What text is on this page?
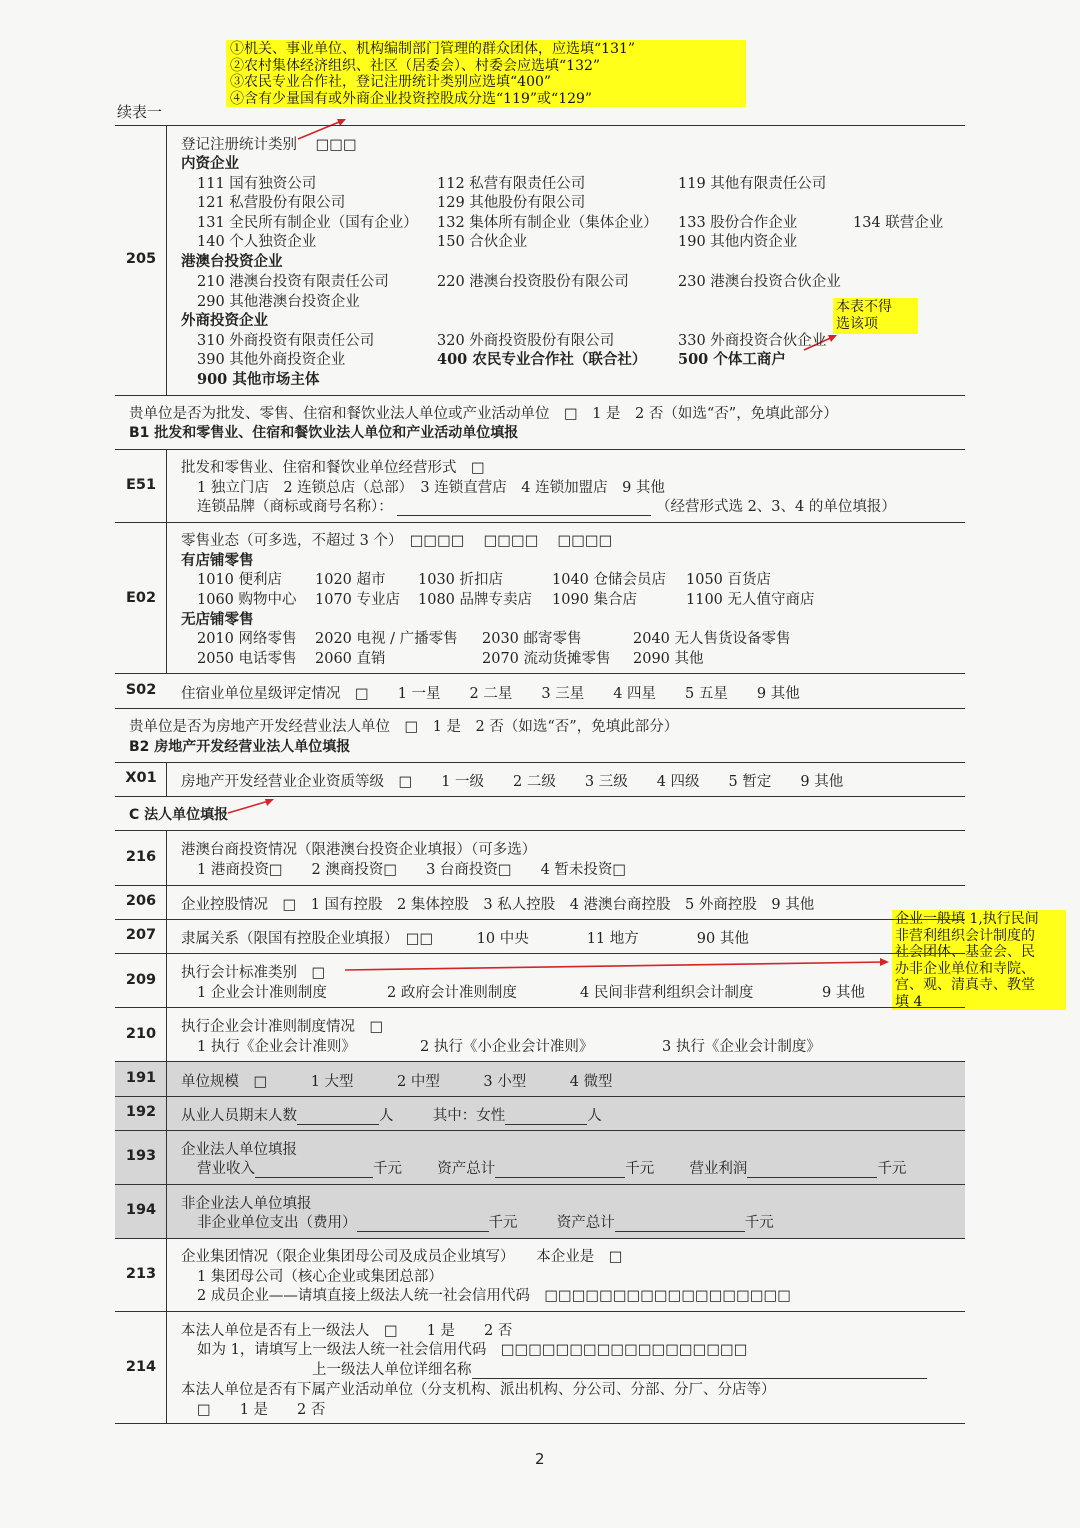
①机关、事业单位、机构编制部门管理的群众团体，应选填“131”
②农村集体经济组织、社区（居委会）、村委会应选填“132”
③农民专业合作社，登记注册统计类别应选填“400”
④含有少量国有或外商企业投资控股成分选“119”或“129”
本表不得
选该项
企业一般填 1,执行民间
非营利组织会计制度的
社会团体、基金会、民
办非企业单位和寺院、
宫、观、清真寺、教堂
填 4
续表一
205
登记注册统计类别 □□□
内资企业
111 国有独资公司	112 私营有限责任公司	119 其他有限责任公司
121 私营股份有限公司	129 其他股份有限公司
131 全民所有制企业（国有企业） 132 集体所有制企业（集体企业） 133 股份合作企业	134 联营企业
140 个人独资企业	150 合伙企业	190 其他内资企业
港澳台投资企业
210 港澳台投资有限责任公司	220 港澳台投资股份有限公司	230 港澳台投资合伙企业
290 其他港澳台投资企业
外商投资企业
310 外商投资有限责任公司	320 外商投资股份有限公司	330 外商投资合伙企业
390 其他外商投资企业	400 农民专业合作社（联合社） 500 个体工商户
900 其他市场主体
贵单位是否为批发、零售、住宿和餐饮业法人单位或产业活动单位　□　1 是　2 否（如选“否”，免填此部分）
B1 批发和零售业、住宿和餐饮业法人单位和产业活动单位填报
E51
批发和零售业、住宿和餐饮业单位经营形式　□
1 独立门店　2 连锁总店（总部）　3 连锁直营店　4 连锁加盟店　9 其他
连锁品牌（商标或商号名称）：	（经营形式选 2、3、4 的单位填报）
E02
零售业态（可多选，不超过 3 个）　□□□□　 □□□□　 □□□□
有店铺零售
1010 便利店 1020 超市 1030 折扣店	1040 仓储会员店 1050 百货店
1060 购物中心 1070 专业店 1080 品牌专卖店 1090 集合店	1100 无人值守商店
无店铺零售
2010 网络零售 2020 电视 / 广播零售 2030 邮寄零售	2040 无人售货设备零售
2050 电话零售 2060 直销	2070 流动货摊零售 2090 其他
S02	住宿业单位星级评定情况　□　　1 一星　　2 二星　　3 三星　　4 四星　　5 五星　　9 其他
贵单位是否为房地产开发经营业法人单位　□　1 是　2 否（如选“否”，免填此部分）
B2 房地产开发经营业法人单位填报
X01	房地产开发经营业企业资质等级　□　　1 一级　　2 二级　　3 三级　　4 四级　　5 暂定　　9 其他
C 法人单位填报
216	港澳台商投资情况（限港澳台投资企业填报）（可多选）
1 港商投资□　　2 澳商投资□　　3 台商投资□　　4 暂未投资□
206	企业控股情况　□　1 国有控股　2 集体控股　3 私人控股　4 港澳台商控股　5 外商控股　9 其他
207	隶属关系（限国有控股企业填报）　□□　　　10 中央　　　　11 地方　　　　90 其他
209	执行会计标准类别　□
1 企业会计准则制度	2 政府会计准则制度	4 民间非营利组织会计制度	9 其他
210	执行企业会计准则制度情况　□
1 执行《企业会计准则》	2 执行《小企业会计准则》	3 执行《企业会计制度》
191	单位规模　□　　　1 大型　　　2 中型　　　3 小型　　　4 微型
192	从业人员期末人数	人	其中：女性	人
193	企业法人单位填报
营业收入	千元 资产总计	千元 营业利润	千元
194	非企业法人单位填报
非企业单位支出（费用）	千元	资产总计	千元
213
企业集团情况（限企业集团母公司及成员企业填写）　　本企业是　□
1 集团母公司（核心企业或集团总部）
2 成员企业——请填直接上级法人统一社会信用代码　□□□□□□□□□□□□□□□□□□
214
本法人单位是否有上一级法人　□　　1 是　　2 否
如为 1，请填写上一级法人统一社会信用代码　□□□□□□□□□□□□□□□□□□
上一级法人单位详细名称
本法人单位是否有下属产业活动单位（分支机构、派出机构、分公司、分部、分厂、分店等）
□　　1 是　　2 否
2
